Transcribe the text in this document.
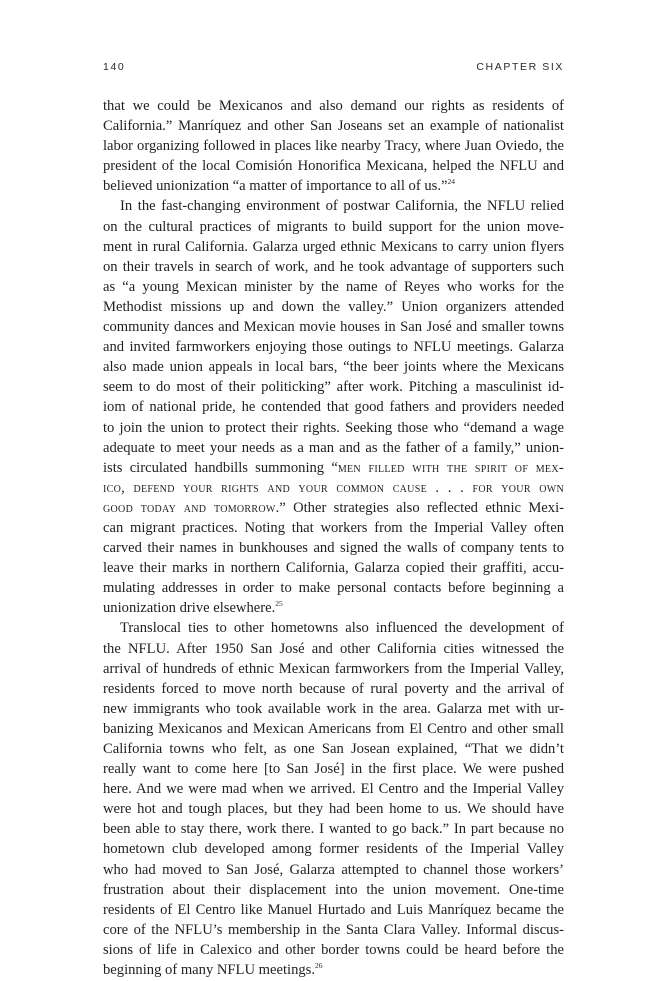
140	CHAPTER SIX
that we could be Mexicanos and also demand our rights as residents of
California.” Manríquez and other San Joseans set an example of nationalist
labor organizing followed in places like nearby Tracy, where Juan Oviedo, the
president of the local Comisión Honorifica Mexicana, helped the NFLU and
believed unionization “a matter of importance to all of us.”$^{24}$
In the fast-changing environment of postwar California, the NFLU relied
on the cultural practices of migrants to build support for the union move-
ment in rural California. Galarza urged ethnic Mexicans to carry union flyers
on their travels in search of work, and he took advantage of supporters such
as “a young Mexican minister by the name of Reyes who works for the
Methodist missions up and down the valley.” Union organizers attended
community dances and Mexican movie houses in San José and smaller towns
and invited farmworkers enjoying those outings to NFLU meetings. Galarza
also made union appeals in local bars, “the beer joints where the Mexicans
seem to do most of their politicking” after work. Pitching a masculinist id-
iom of national pride, he contended that good fathers and providers needed
to join the union to protect their rights. Seeking those who “demand a wage
adequate to meet your needs as a man and as the father of a family,” union-
ists circulated handbills summoning “men filled with the spirit of mex-
ico, defend your rights and your common cause . . . for your own
good today and tomorrow.” Other strategies also reflected ethnic Mexi-
can migrant practices. Noting that workers from the Imperial Valley often
carved their names in bunkhouses and signed the walls of company tents to
leave their marks in northern California, Galarza copied their graffiti, accu-
mulating addresses in order to make personal contacts before beginning a
unionization drive elsewhere.$^{25}$
Translocal ties to other hometowns also influenced the development of
the NFLU. After 1950 San José and other California cities witnessed the
arrival of hundreds of ethnic Mexican farmworkers from the Imperial Valley,
residents forced to move north because of rural poverty and the arrival of
new immigrants who took available work in the area. Galarza met with ur-
banizing Mexicanos and Mexican Americans from El Centro and other small
California towns who felt, as one San Josean explained, “That we didn’t
really want to come here [to San José] in the first place. We were pushed
here. And we were mad when we arrived. El Centro and the Imperial Valley
were hot and tough places, but they had been home to us. We should have
been able to stay there, work there. I wanted to go back.” In part because no
hometown club developed among former residents of the Imperial Valley
who had moved to San José, Galarza attempted to channel those workers’
frustration about their displacement into the union movement. One-time
residents of El Centro like Manuel Hurtado and Luis Manríquez became the
core of the NFLU’s membership in the Santa Clara Valley. Informal discus-
sions of life in Calexico and other border towns could be heard before the
beginning of many NFLU meetings.$^{26}$
